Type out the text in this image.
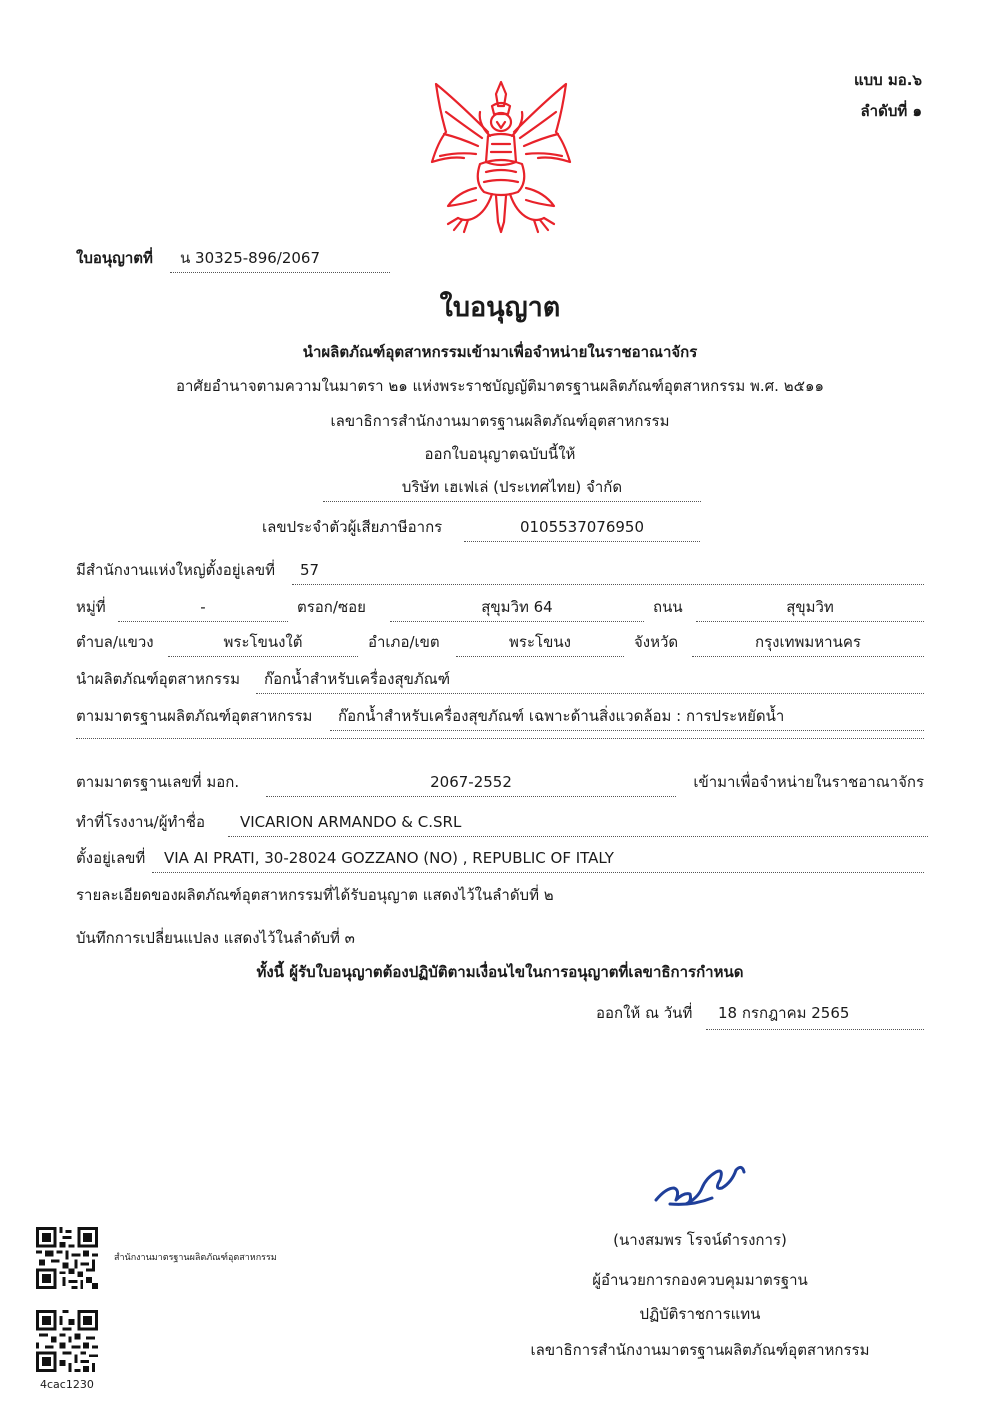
แบบ มอ.๖
ลำดับที่ ๑
ใบอนุญาตที่	น 30325-896/2067
ใบอนุญาต
นำผลิตภัณฑ์อุตสาหกรรมเข้ามาเพื่อจำหน่ายในราชอาณาจักร
อาศัยอำนาจตามความในมาตรา ๒๑ แห่งพระราชบัญญัติมาตรฐานผลิตภัณฑ์อุตสาหกรรม พ.ศ. ๒๕๑๑
เลขาธิการสำนักงานมาตรฐานผลิตภัณฑ์อุตสาหกรรม
ออกใบอนุญาตฉบับนี้ให้
บริษัท เฮเฟเล่ (ประเทศไทย) จำกัด
เลขประจำตัวผู้เสียภาษีอากร	0105537076950
มีสำนักงานแห่งใหญ่ตั้งอยู่เลขที่	57
หมู่ที่	-	ตรอก/ซอย	สุขุมวิท 64	ถนน	สุขุมวิท
ตำบล/แขวง	พระโขนงใต้	อำเภอ/เขต	พระโขนง	จังหวัด	กรุงเทพมหานคร
นำผลิตภัณฑ์อุตสาหกรรม	ก๊อกน้ำสำหรับเครื่องสุขภัณฑ์
ตามมาตรฐานผลิตภัณฑ์อุตสาหกรรม	ก๊อกน้ำสำหรับเครื่องสุขภัณฑ์ เฉพาะด้านสิ่งแวดล้อม : การประหยัดน้ำ
ตามมาตรฐานเลขที่ มอก.	2067-2552	เข้ามาเพื่อจำหน่ายในราชอาณาจักร
ทำที่โรงงาน/ผู้ทำชื่อ	VICARION ARMANDO & C.SRL
ตั้งอยู่เลขที่	VIA AI PRATI, 30-28024 GOZZANO (NO) , REPUBLIC OF ITALY
รายละเอียดของผลิตภัณฑ์อุตสาหกรรมที่ได้รับอนุญาต แสดงไว้ในลำดับที่ ๒
บันทึกการเปลี่ยนแปลง แสดงไว้ในลำดับที่ ๓
ทั้งนี้ ผู้รับใบอนุญาตต้องปฏิบัติตามเงื่อนไขในการอนุญาตที่เลขาธิการกำหนด
ออกให้ ณ วันที่	18 กรกฎาคม 2565
(นางสมพร โรจน์ดำรงการ)
ผู้อำนวยการกองควบคุมมาตรฐาน
ปฏิบัติราชการแทน
เลขาธิการสำนักงานมาตรฐานผลิตภัณฑ์อุตสาหกรรม
สำนักงานมาตรฐานผลิตภัณฑ์อุตสาหกรรม
4cac1230
